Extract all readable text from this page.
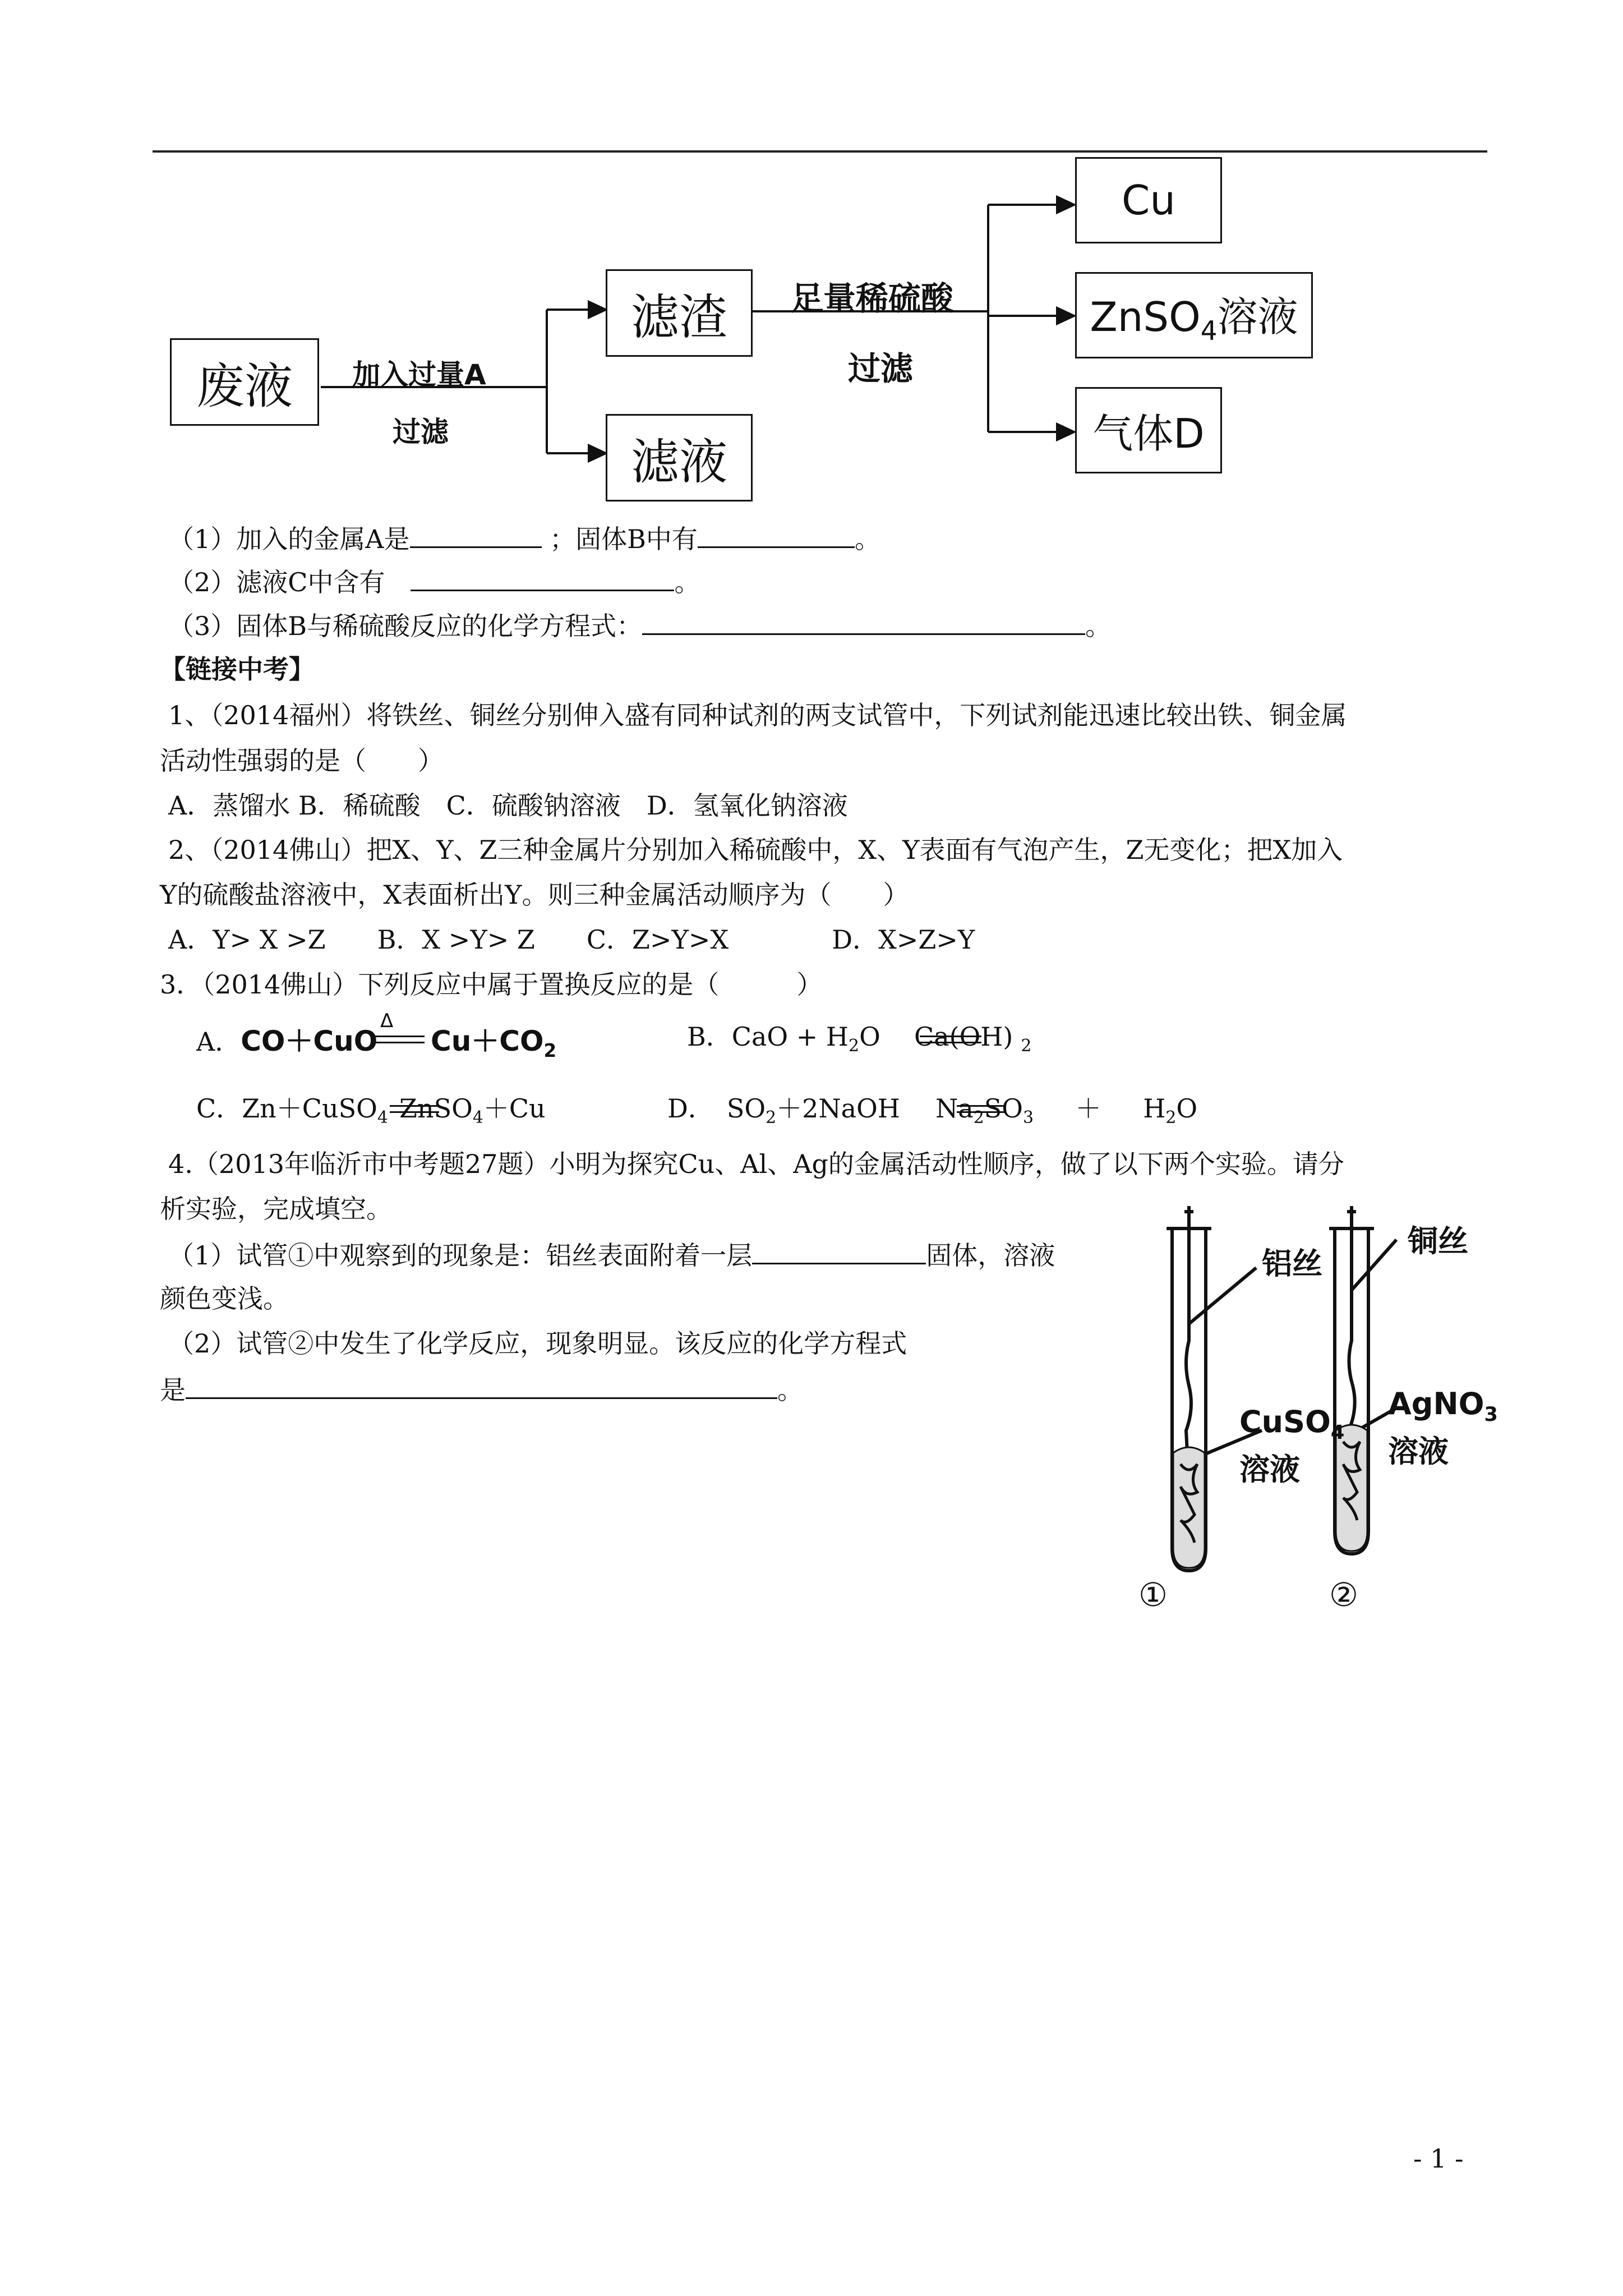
废液
滤渣
滤液
Cu
ZnSO$_4$溶液
气体D
加入过量A
过滤
足量稀硫酸
过滤
（1）加入的金属A是	；固体B中有	。
（2）滤液C中含有　	。
（3）固体B与稀硫酸反应的化学方程式：	。
【链接中考】
1、（2014福州）将铁丝、铜丝分别伸入盛有同种试剂的两支试管中，下列试剂能迅速比较出铁、铜金属
活动性强弱的是（　　）
A．蒸馏水 B．稀硫酸　C．硫酸钠溶液　D．氢氧化钠溶液
2、（2014佛山）把X、Y、Z三种金属片分别加入稀硫酸中，X、Y表面有气泡产生，Z无变化；把X加入
Y的硫酸盐溶液中，X表面析出Y。则三种金属活动顺序为（　　）
A．Y> X >Z　　B．X >Y> Z　　C．Z>Y>X　　　　D．X>Z>Y
3．（2014佛山）下列反应中属于置换反应的是（　　　）
A．CO＋CuO
Δ
$Cu+CO_2$	B．CaO + $H_2O$ Ca(OH) $_2$
C．Zn＋CuSO$_4$ ZnSO$_4$＋Cu	D．　$SO_2+2NaOH$ $Na_2SO_3 + H_2O$
4.（2013年临沂市中考题27题）小明为探究Cu、Al、Ag的金属活动性顺序，做了以下两个实验。请分
析实验，完成填空。
（1）试管①中观察到的现象是：铝丝表面附着一层	固体，溶液
颜色变浅。
（2）试管②中发生了化学反应，现象明显。该反应的化学方程式
是	。
铝丝
铜丝
CuSO$_4$
溶液
AgNO$_3$
溶液
①	②
- 1 -
